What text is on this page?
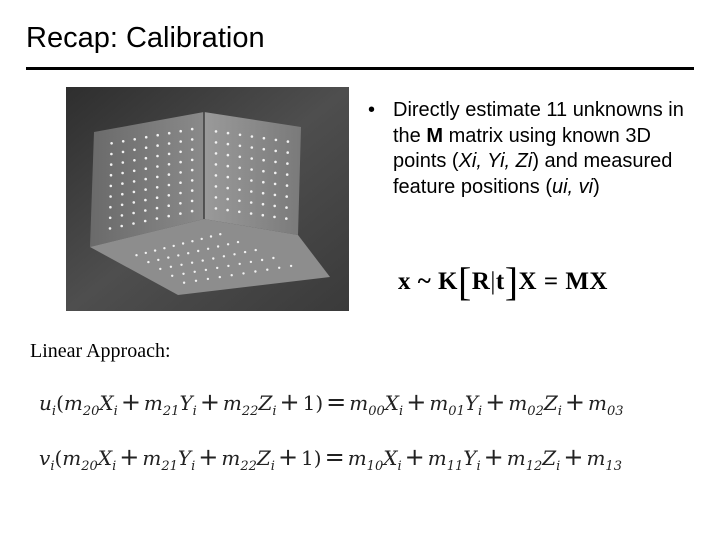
Recap: Calibration
• Directly estimate 11 unknowns in the M matrix using known 3D points (Xi, Yi, Zi) and measured feature positions (ui, vi)
x ~ K[R|t]X = MX
Linear Approach:
$u_i(m_{20}X_i + m_{21}Y_i + m_{22}Z_i + 1) = m_{00}X_i + m_{01}Y_i + m_{02}Z_i + m_{03}$
$v_i(m_{20}X_i + m_{21}Y_i + m_{22}Z_i + 1) = m_{10}X_i + m_{11}Y_i + m_{12}Z_i + m_{13}$
